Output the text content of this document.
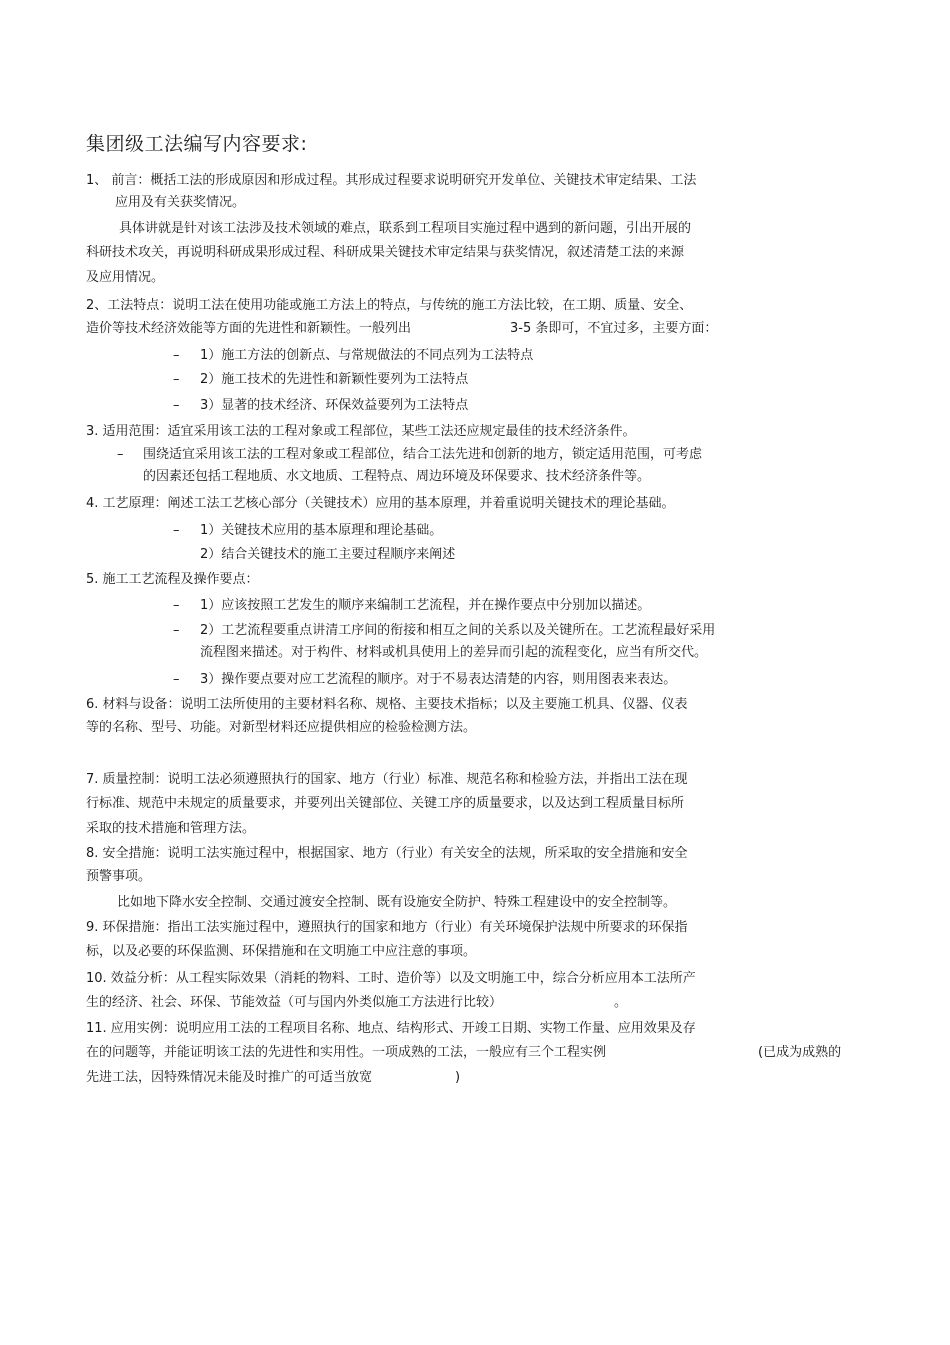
集团级工法编写内容要求:
1、 前言：概括工法的形成原因和形成过程。其形成过程要求说明研究开发单位、关键技术审定结果、工法
应用及有关获奖情况。
具体讲就是针对该工法涉及技术领域的难点，联系到工程项目实施过程中遇到的新问题，引出开展的
科研技术攻关，再说明科研成果形成过程、科研成果关键技术审定结果与获奖情况，叙述清楚工法的来源
及应用情况。
2、工法特点：说明工法在使用功能或施工方法上的特点，与传统的施工方法比较，在工期、质量、安全、
造价等技术经济效能等方面的先进性和新颖性。一般列出	3-5 条即可，不宜过多，主要方面：
– 1）施工方法的创新点、与常规做法的不同点列为工法特点
– 2）施工技术的先进性和新颖性要列为工法特点
– 3）显著的技术经济、环保效益要列为工法特点
3. 适用范围：适宜采用该工法的工程对象或工程部位，某些工法还应规定最佳的技术经济条件。
– 围绕适宜采用该工法的工程对象或工程部位，结合工法先进和创新的地方，锁定适用范围，可考虑
的因素还包括工程地质、水文地质、工程特点、周边环境及环保要求、技术经济条件等。
4. 工艺原理：阐述工法工艺核心部分（关键技术）应用的基本原理，并着重说明关键技术的理论基础。
– 1）关键技术应用的基本原理和理论基础。
2）结合关键技术的施工主要过程顺序来阐述
5. 施工工艺流程及操作要点：
– 1）应该按照工艺发生的顺序来编制工艺流程，并在操作要点中分别加以描述。
– 2）工艺流程要重点讲清工序间的衔接和相互之间的关系以及关键所在。工艺流程最好采用
流程图来描述。对于构件、材料或机具使用上的差异而引起的流程变化，应当有所交代。
– 3）操作要点要对应工艺流程的顺序。对于不易表达清楚的内容，则用图表来表达。
6. 材料与设备：说明工法所使用的主要材料名称、规格、主要技术指标；以及主要施工机具、仪器、仪表
等的名称、型号、功能。对新型材料还应提供相应的检验检测方法。
7. 质量控制：说明工法必须遵照执行的国家、地方（行业）标准、规范名称和检验方法，并指出工法在现
行标准、规范中未规定的质量要求，并要列出关键部位、关键工序的质量要求，以及达到工程质量目标所
采取的技术措施和管理方法。
8. 安全措施：说明工法实施过程中，根据国家、地方（行业）有关安全的法规，所采取的安全措施和安全
预警事项。
比如地下降水安全控制、交通过渡安全控制、既有设施安全防护、特殊工程建设中的安全控制等。
9. 环保措施：指出工法实施过程中，遵照执行的国家和地方（行业）有关环境保护法规中所要求的环保指
标，以及必要的环保监测、环保措施和在文明施工中应注意的事项。
10. 效益分析：从工程实际效果（消耗的物料、工时、造价等）以及文明施工中，综合分析应用本工法所产
生的经济、社会、环保、节能效益（可与国内外类似施工方法进行比较）	。
11. 应用实例：说明应用工法的工程项目名称、地点、结构形式、开竣工日期、实物工作量、应用效果及存
在的问题等，并能证明该工法的先进性和实用性。一项成熟的工法，一般应有三个工程实例	(已成为成熟的
先进工法，因特殊情况未能及时推广的可适当放宽	)
